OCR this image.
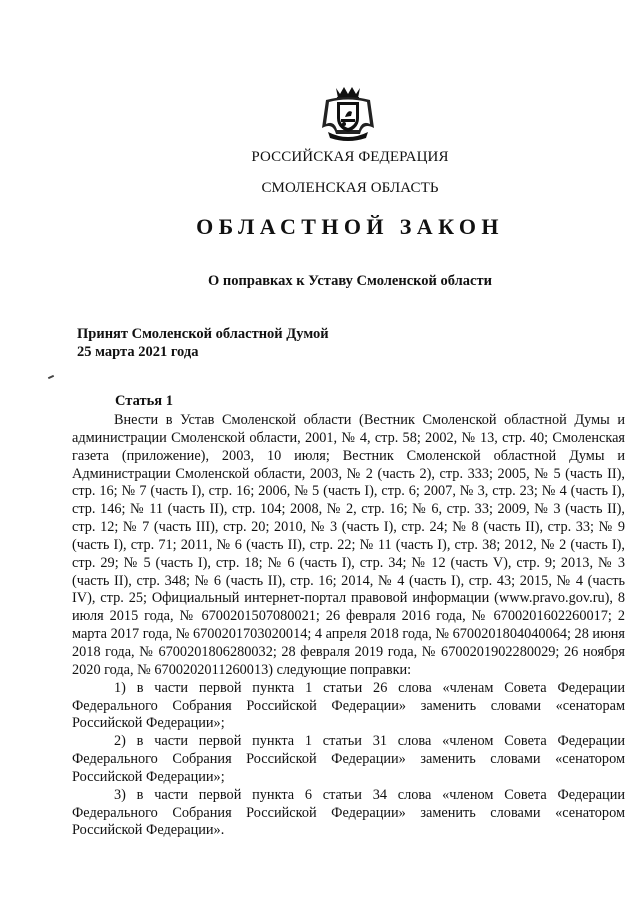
РОССИЙСКАЯ ФЕДЕРАЦИЯ
СМОЛЕНСКАЯ ОБЛАСТЬ
ОБЛАСТНОЙ ЗАКОН
О поправках к Уставу Смоленской области
Принят Смоленской областной Думой
25 марта 2021 года
Статья 1

Внести в Устав Смоленской области (Вестник Смоленской областной Думы и администрации Смоленской области, 2001, № 4, стр. 58; 2002, № 13, стр. 40; Смоленская газета (приложение), 2003, 10 июля; Вестник Смоленской областной Думы и Администрации Смоленской области, 2003, № 2 (часть 2), стр. 333; 2005, № 5 (часть II), стр. 16; № 7 (часть I), стр. 16; 2006, № 5 (часть I), стр. 6; 2007, № 3, стр. 23; № 4 (часть I), стр. 146; № 11 (часть II), стр. 104; 2008, № 2, стр. 16; № 6, стр. 33; 2009, № 3 (часть II), стр. 12; № 7 (часть III), стр. 20; 2010, № 3 (часть I), стр. 24; № 8 (часть II), стр. 33; № 9 (часть I), стр. 71; 2011, № 6 (часть II), стр. 22; № 11 (часть I), стр. 38; 2012, № 2 (часть I), стр. 29; № 5 (часть I), стр. 18; № 6 (часть I), стр. 34; № 12 (часть V), стр. 9; 2013, № 3 (часть II), стр. 348; № 6 (часть II), стр. 16; 2014, № 4 (часть I), стр. 43; 2015, № 4 (часть IV), стр. 25; Официальный интернет-портал правовой информации (www.pravo.gov.ru), 8 июля 2015 года, № 6700201507080021; 26 февраля 2016 года, № 6700201602260017; 2 марта 2017 года, № 6700201703020014; 4 апреля 2018 года, № 6700201804040064; 28 июня 2018 года, № 6700201806280032; 28 февраля 2019 года, № 6700201902280029; 26 ноября 2020 года, № 6700202011260013) следующие поправки:

1) в части первой пункта 1 статьи 26 слова «членам Совета Федерации Федерального Собрания Российской Федерации» заменить словами «сенаторам Российской Федерации»;

2) в части первой пункта 1 статьи 31 слова «членом Совета Федерации Федерального Собрания Российской Федерации» заменить словами «сенатором Российской Федерации»;

3) в части первой пункта 6 статьи 34 слова «членом Совета Федерации Федерального Собрания Российской Федерации» заменить словами «сенатором Российской Федерации».
